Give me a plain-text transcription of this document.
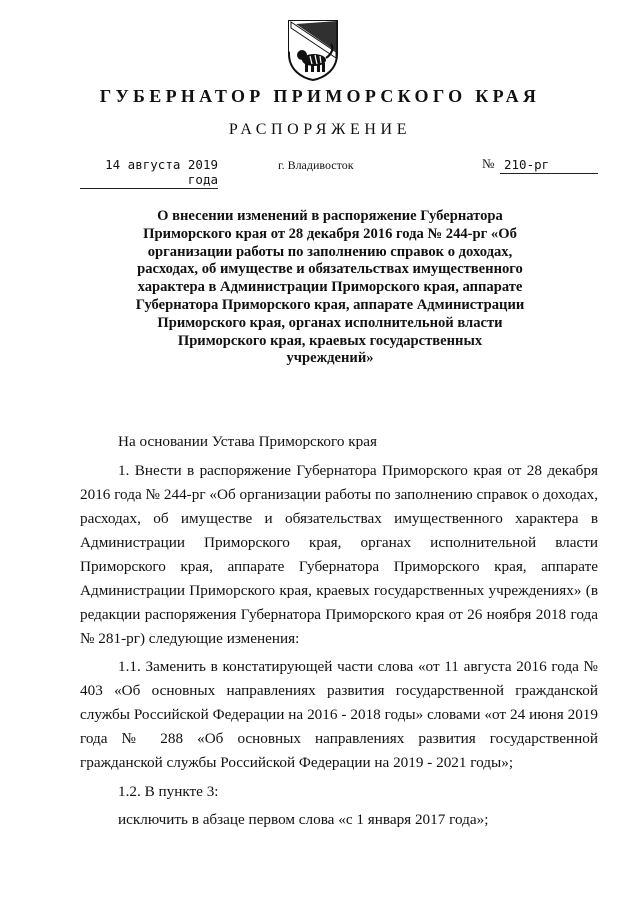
ГУБЕРНАТОР ПРИМОРСКОГО КРАЯ
РАСПОРЯЖЕНИЕ
14 августа 2019 года
г. Владивосток	№ 210-рг
О внесении изменений в распоряжение Губернатора Приморского края от 28 декабря 2016 года № 244-рг «Об организации работы по заполнению справок о доходах, расходах, об имуществе и обязательствах имущественного характера в Администрации Приморского края, аппарате Губернатора Приморского края, аппарате Администрации Приморского края, органах исполнительной власти Приморского края, краевых государственных учреждений»

На основании Устава Приморского края

1. Внести в распоряжение Губернатора Приморского края от 28 декабря 2016 года № 244-рг «Об организации работы по заполнению справок о доходах, расходах, об имуществе и обязательствах имущественного характера в Администрации Приморского края, органах исполнительной власти Приморского края, аппарате Губернатора Приморского края, аппарате Администрации Приморского края, краевых государственных учреждениях» (в редакции распоряжения Губернатора Приморского края от 26 ноября 2018 года № 281-рг) следующие изменения:

1.1. Заменить в констатирующей части слова «от 11 августа 2016 года № 403 «Об основных направлениях развития государственной гражданской службы Российской Федерации на 2016 - 2018 годы» словами «от 24 июня 2019 года № 288 «Об основных направлениях развития государственной гражданской службы Российской Федерации на 2019 - 2021 годы»;

1.2. В пункте 3:

исключить в абзаце первом слова «с 1 января 2017 года»;
